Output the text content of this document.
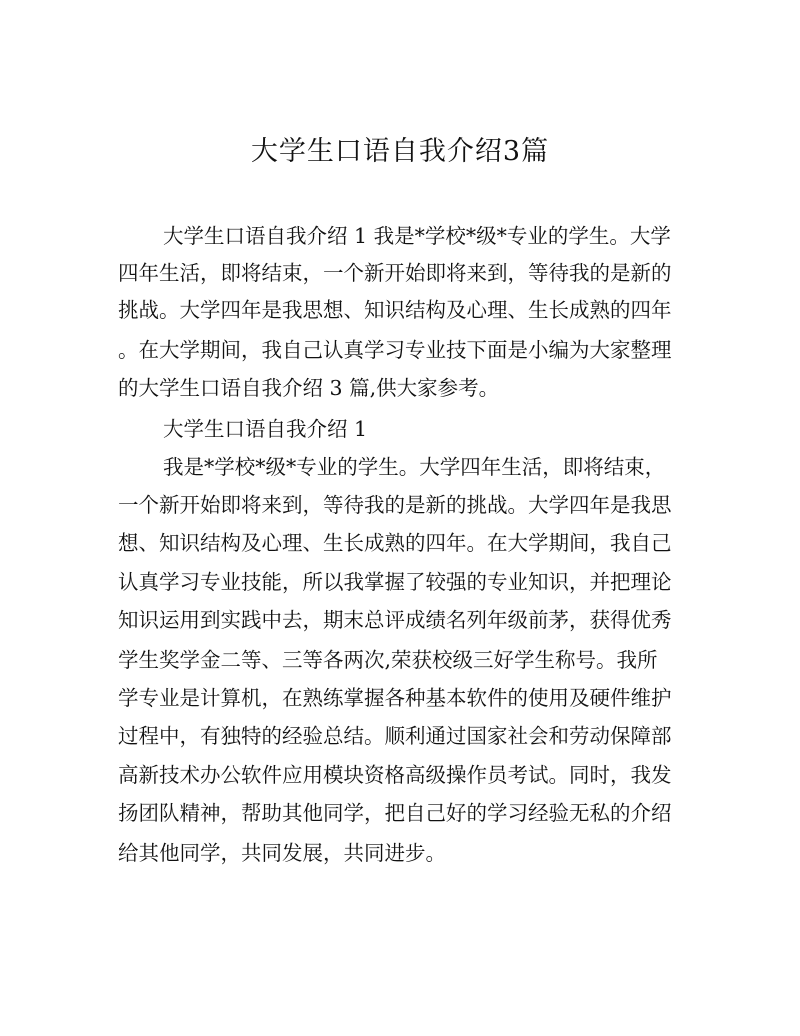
大学生口语自我介绍3篇

大学生口语自我介绍 1 我是*学校*级*专业的学生。大学

四年生活，即将结束，一个新开始即将来到，等待我的是新的

挑战。大学四年是我思想、知识结构及心理、生长成熟的四年

。在大学期间，我自己认真学习专业技下面是小编为大家整理

的大学生口语自我介绍 3 篇,供大家参考。

大学生口语自我介绍 1

我是*学校*级*专业的学生。大学四年生活，即将结束，

一个新开始即将来到，等待我的是新的挑战。大学四年是我思

想、知识结构及心理、生长成熟的四年。在大学期间，我自己

认真学习专业技能，所以我掌握了较强的专业知识，并把理论

知识运用到实践中去，期末总评成绩名列年级前茅，获得优秀

学生奖学金二等、三等各两次,荣获校级三好学生称号。我所

学专业是计算机，在熟练掌握各种基本软件的使用及硬件维护

过程中，有独特的经验总结。顺利通过国家社会和劳动保障部

高新技术办公软件应用模块资格高级操作员考试。同时，我发

扬团队精神，帮助其他同学，把自己好的学习经验无私的介绍

给其他同学，共同发展，共同进步。
